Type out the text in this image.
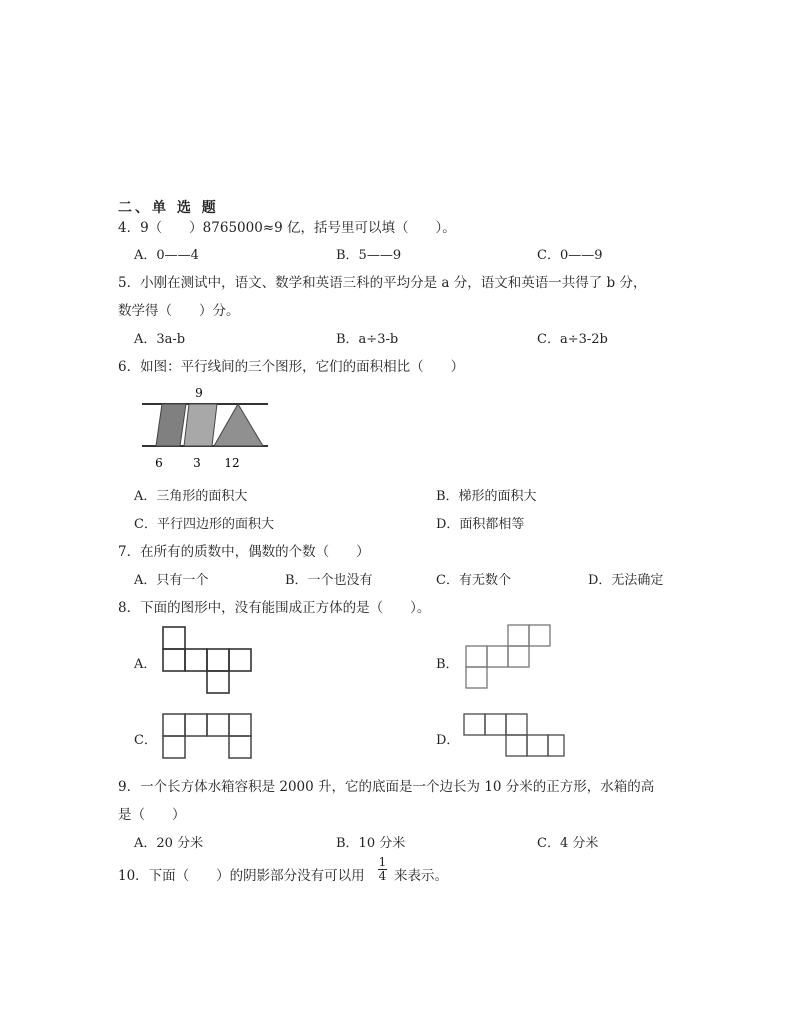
二、单 选 题
4．9（　　）8765000≈9 亿，括号里可以填（　　）。
A．0——4	B．5——9	C．0——9
5．小刚在测试中，语文、数学和英语三科的平均分是 a 分，语文和英语一共得了 b 分，
数学得（　　）分。
A．3a-b	B．a÷3-b	C．a÷3-2b
6．如图：平行线间的三个图形，它们的面积相比（　　）
9
6	3 12
A．三角形的面积大	B．梯形的面积大
C．平行四边形的面积大	D．面积都相等
7．在所有的质数中，偶数的个数（　　）
A．只有一个	B．一个也没有	C．有无数个	D．无法确定
8．下面的图形中，没有能围成正方体的是（　　）。
A．	B．
C．	D．
9．一个长方体水箱容积是 2000 升，它的底面是一个边长为 10 分米的正方形，水箱的高
是（　　）
A．20 分米	B．10 分米	C．4 分米
10．下面（　　）的阴影部分没有可以用
1
4 来表示。
